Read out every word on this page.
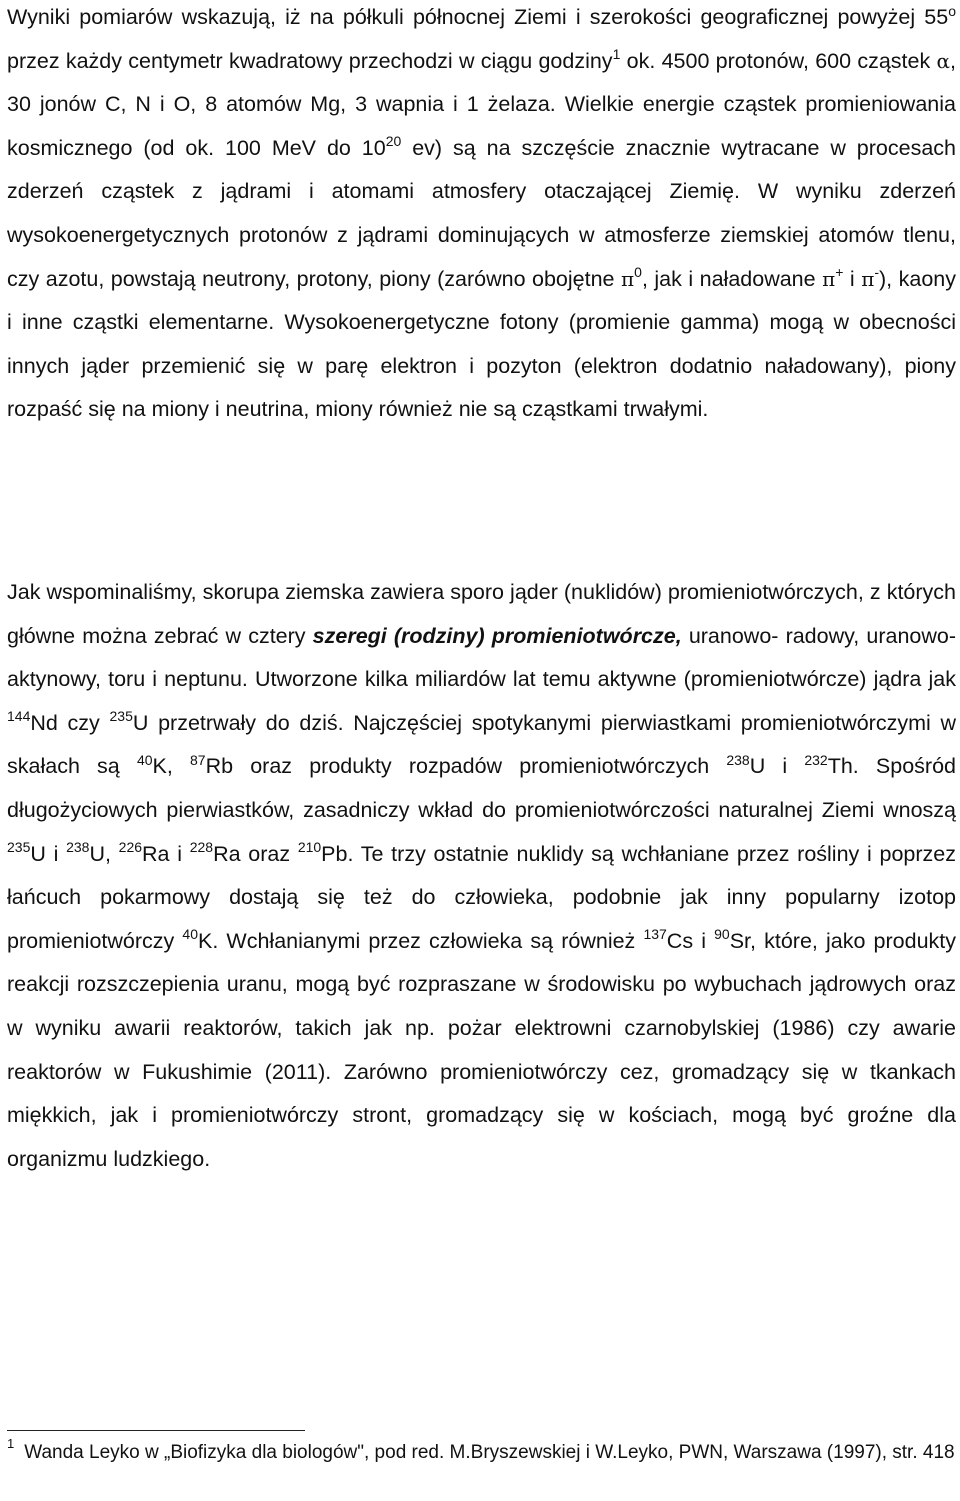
Wyniki pomiarów wskazują, iż na półkuli północnej Ziemi i szerokości geograficznej powyżej 55$^o$ przez każdy centymetr kwadratowy przechodzi w ciągu godziny$^1$ ok. 4500 protonów, 600 cząstek α, 30 jonów C, N i O, 8 atomów Mg, 3 wapnia i 1 żelaza. Wielkie energie cząstek promieniowania kosmicznego (od ok. 100 MeV do $10^{20}$ ev) są na szczęście znacznie wytracane w procesach zderzeń cząstek z jądrami i atomami atmosfery otaczającej Ziemię. W wyniku zderzeń wysokoenergetycznych protonów z jądrami dominujących w atmosferze ziemskiej atomów tlenu, czy azotu, powstają neutrony, protony, piony (zarówno obojętne $\pi^0$, jak i naładowane π+ i π-), kaony i inne cząstki elementarne. Wysokoenergetyczne fotony (promienie gamma) mogą w obecności innych jąder przemienić się w parę elektron i pozyton (elektron dodatnio naładowany), piony rozpaść się na miony i neutrina, miony również nie są cząstkami trwałymi.

Jak wspominaliśmy, skorupa ziemska zawiera sporo jąder (nuklidów) promieniotwórczych, z których główne można zebrać w cztery szeregi (rodziny) promieniotwórcze, uranowo- radowy, uranowo-aktynowy, toru i neptunu. Utworzone kilka miliardów lat temu aktywne (promieniotwórcze) jądra jak $^{144}$Nd czy $^{235}$U przetrwały do dziś. Najczęściej spotykanymi pierwiastkami promieniotwórczymi w skałach są $^{40}$K, $^{87}$Rb oraz produkty rozpadów promieniotwórczych $^{238}$U i $^{232}$Th. Spośród długożyciowych pierwiastków, zasadniczy wkład do promieniotwórczości naturalnej Ziemi wnoszą $^{235}$U i $^{238}$U, $^{226}$Ra i $^{228}$Ra oraz $^{210}$Pb. Te trzy ostatnie nuklidy są wchłaniane przez rośliny i poprzez łańcuch pokarmowy dostają się też do człowieka, podobnie jak inny popularny izotop promieniotwórczy $^{40}$K. Wchłanianymi przez człowieka są również $^{137}$Cs i $^{90}$Sr, które, jako produkty reakcji rozszczepienia uranu, mogą być rozpraszane w środowisku po wybuchach jądrowych oraz w wyniku awarii reaktorów, takich jak np. pożar elektrowni czarnobylskiej (1986) czy awarie reaktorów w Fukushimie (2011). Zarówno promieniotwórczy cez, gromadzący się w tkankach miękkich, jak i promieniotwórczy stront, gromadzący się w kościach, mogą być groźne dla organizmu ludzkiego.

$^1$ Wanda Leyko w „Biofizyka dla biologów", pod red. M.Bryszewskiej i W.Leyko, PWN, Warszawa (1997), str. 418
